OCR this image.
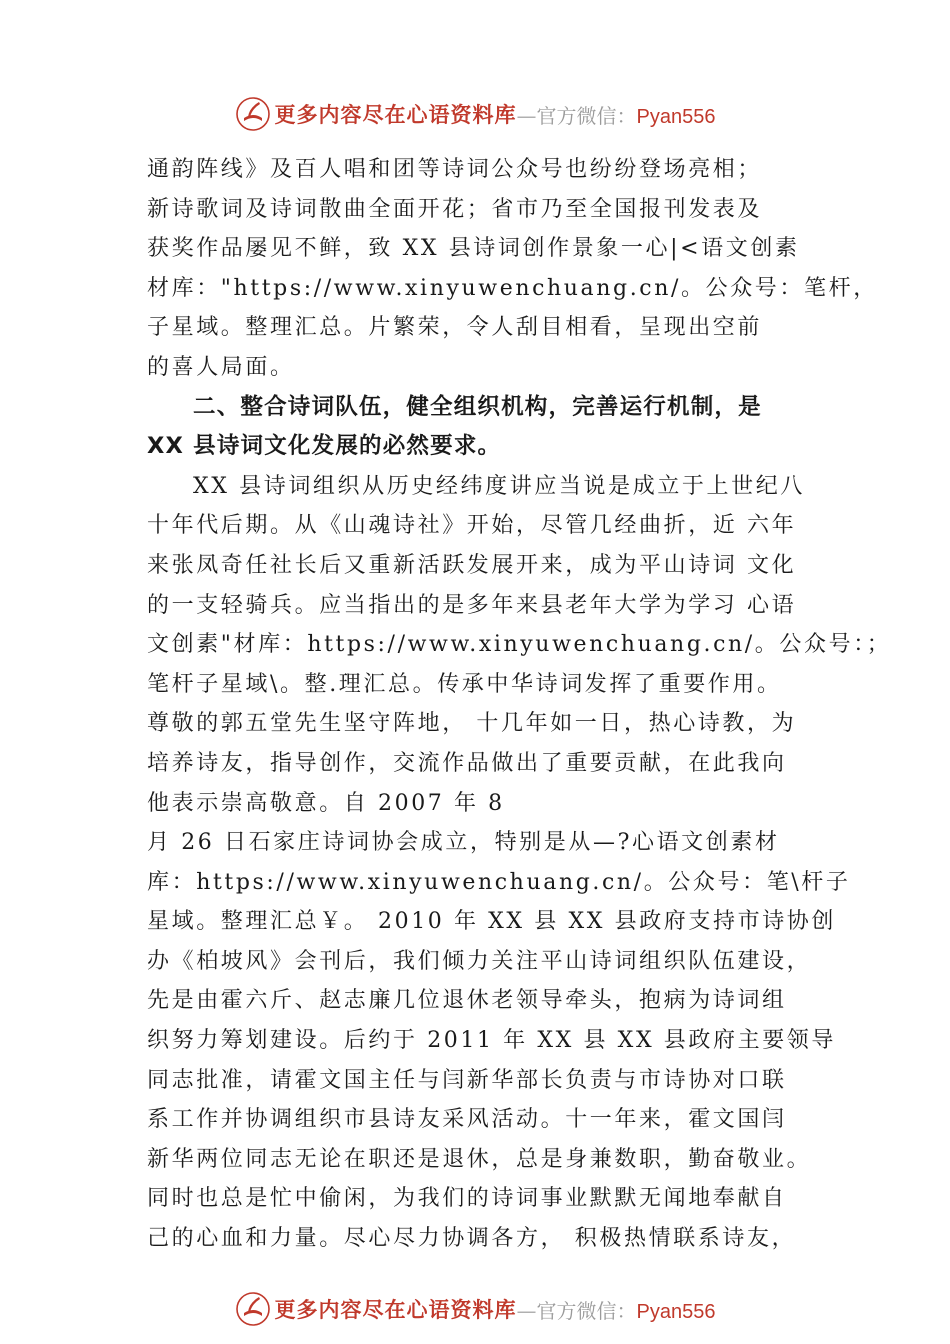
更多内容尽在心语资料库 —官方微信：Pyan556
通韵阵线》及百人唱和团等诗词公众号也纷纷登场亮相；
新诗歌词及诗词散曲全面开花；省市乃至全国报刊发表及
获奖作品屡见不鲜，致 XX 县诗词创作景象一心|<语文创素
材库："https://www.xinyuwenchuang.cn/。公众号：笔杆，
子星域。整理汇总。片繁荣，令人刮目相看，呈现出空前
的喜人局面。
二、整合诗词队伍，健全组织机构，完善运行机制，是
XX 县诗词文化发展的必然要求。
XX 县诗词组织从历史经纬度讲应当说是成立于上世纪八
十年代后期。从《山魂诗社》开始，尽管几经曲折，近 六年
来张凤奇任社长后又重新活跃发展开来，成为平山诗词 文化
的一支轻骑兵。应当指出的是多年来县老年大学为学习 心语
文创素"材库：https://www.xinyuwenchuang.cn/。公众号：；
笔杆子星域\。整.理汇总。传承中华诗词发挥了重要作用。
尊敬的郭五堂先生坚守阵地， 十几年如一日，热心诗教，为
培养诗友，指导创作，交流作品做出了重要贡献，在此我向
他表示崇高敬意。自 2007 年 8
月 26 日石家庄诗词协会成立，特别是从—?心语文创素材
库：https://www.xinyuwenchuang.cn/。公众号：笔\杆子
星域。整理汇总￥。 2010 年 XX 县 XX 县政府支持市诗协创
办《柏坡风》会刊后，我们倾力关注平山诗词组织队伍建设，
先是由霍六斤、赵志廉几位退休老领导牵头，抱病为诗词组
织努力筹划建设。后约于 2011 年 XX 县 XX 县政府主要领导
同志批准，请霍文国主任与闫新华部长负责与市诗协对口联
系工作并协调组织市县诗友采风活动。十一年来，霍文国闫
新华两位同志无论在职还是退休，总是身兼数职，勤奋敬业。
同时也总是忙中偷闲，为我们的诗词事业默默无闻地奉献自
己的心血和力量。尽心尽力协调各方， 积极热情联系诗友，
更多内容尽在心语资料库 —官方微信：Pyan556
